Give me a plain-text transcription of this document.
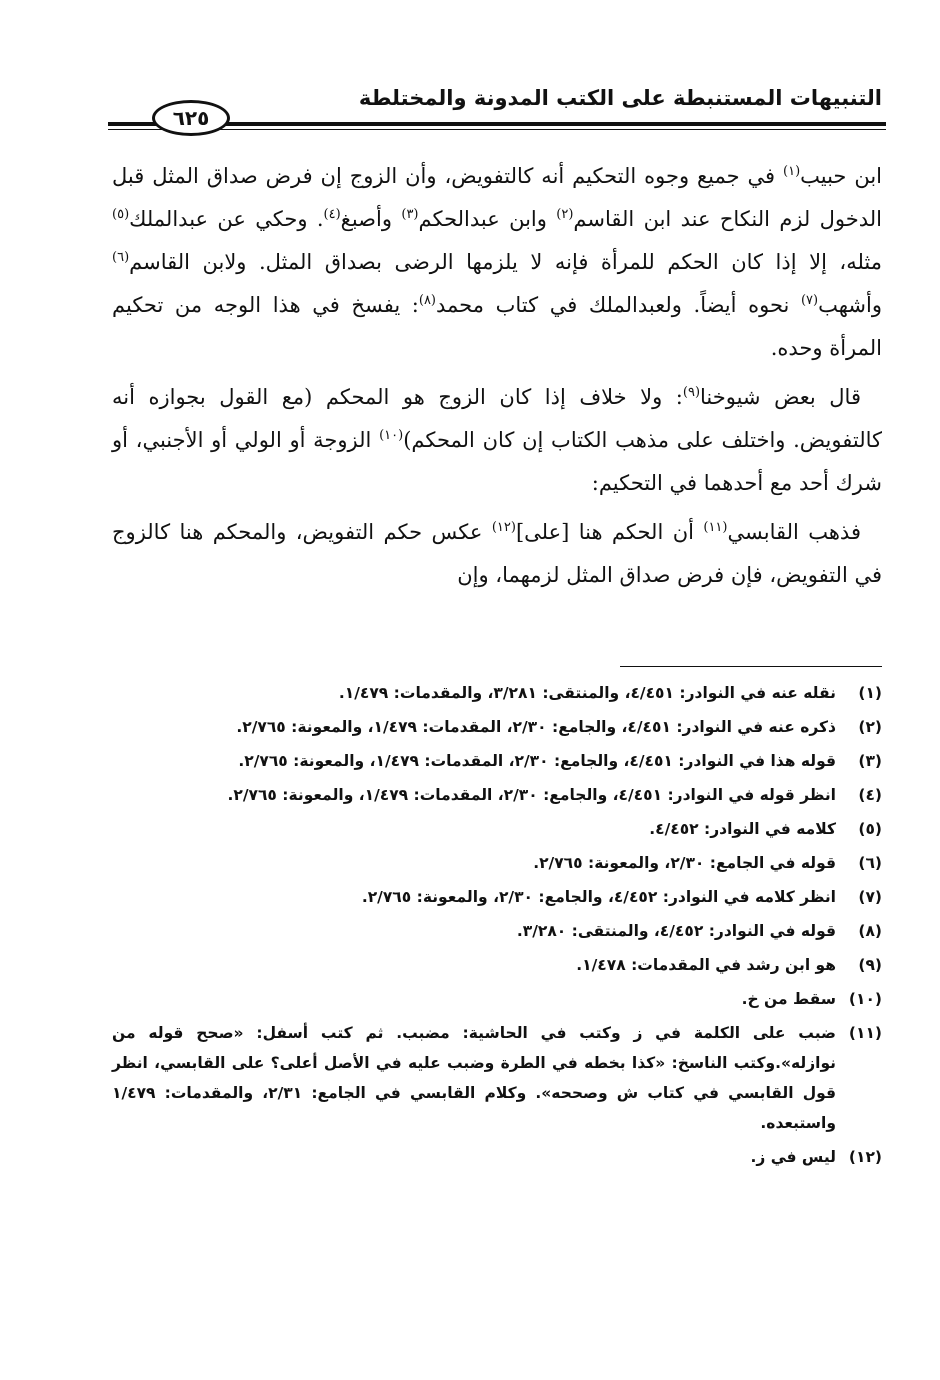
التنبيهات المستنبطة على الكتب المدونة والمختلطة
٦٢٥

ابن حبيب$^{(١)}$ في جميع وجوه التحكيم أنه كالتفويض، وأن الزوج إن فرض صداق المثل قبل الدخول لزم النكاح عند ابن القاسم$^{(٢)}$ وابن عبدالحكم$^{(٣)}$ وأصبغ$^{(٤)}$. وحكي عن عبدالملك$^{(٥)}$ مثله، إلا إذا كان الحكم للمرأة فإنه لا يلزمها الرضى بصداق المثل. ولابن القاسم$^{(٦)}$ وأشهب$^{(٧)}$ نحوه أيضاً. ولعبدالملك في كتاب محمد$^{(٨)}$: يفسخ في هذا الوجه من تحكيم المرأة وحده.

 قال بعض شيوخنا$^{(٩)}$: ولا خلاف إذا كان الزوج هو المحكم (مع القول بجوازه أنه كالتفويض. واختلف على مذهب الكتاب إن كان المحكم)$^{(١٠)}$ الزوجة أو الولي أو الأجنبي، أو شرك أحد مع أحدهما في التحكيم:

 فذهب القابسي$^{(١١)}$ أن الحكم هنا [على]$^{(١٢)}$ عكس حكم التفويض، والمحكم هنا كالزوج في التفويض، فإن فرض صداق المثل لزمهما، وإن

(١)
نقله عنه في النوادر: ٤/٤٥١، والمنتقى: ٣/٢٨١، والمقدمات: ١/٤٧٩.
(٢)
ذكره عنه في النوادر: ٤/٤٥١، والجامع: ٢/٣٠، المقدمات: ١/٤٧٩، والمعونة: ٢/٧٦٥.
(٣)
قوله هذا في النوادر: ٤/٤٥١، والجامع: ٢/٣٠، المقدمات: ١/٤٧٩، والمعونة: ٢/٧٦٥.
(٤)
انظر قوله في النوادر: ٤/٤٥١، والجامع: ٢/٣٠، المقدمات: ١/٤٧٩، والمعونة: ٢/٧٦٥.
(٥)
كلامه في النوادر: ٤/٤٥٢.
(٦)
قوله في الجامع: ٢/٣٠، والمعونة: ٢/٧٦٥.
(٧)
انظر كلامه في النوادر: ٤/٤٥٢، والجامع: ٢/٣٠، والمعونة: ٢/٧٦٥.
(٨)
قوله في النوادر: ٤/٤٥٢، والمنتقى: ٣/٢٨٠.
(٩)
هو ابن رشد في المقدمات: ١/٤٧٨.
(١٠)
سقط من خ.
(١١)
ضبب على الكلمة في ز وكتب في الحاشية: مضبب. ثم كتب أسفل: «صحح قوله من نوازله».وكتب الناسخ: «كذا بخطه في الطرة وضبب عليه في الأصل أعلى؟ على القابسي، انظر قول القابسي في كتاب ش وصححه». وكلام القابسي في الجامع: ٢/٣١، والمقدمات: ١/٤٧٩ واستبعده.
(١٢)
ليس في ز.
